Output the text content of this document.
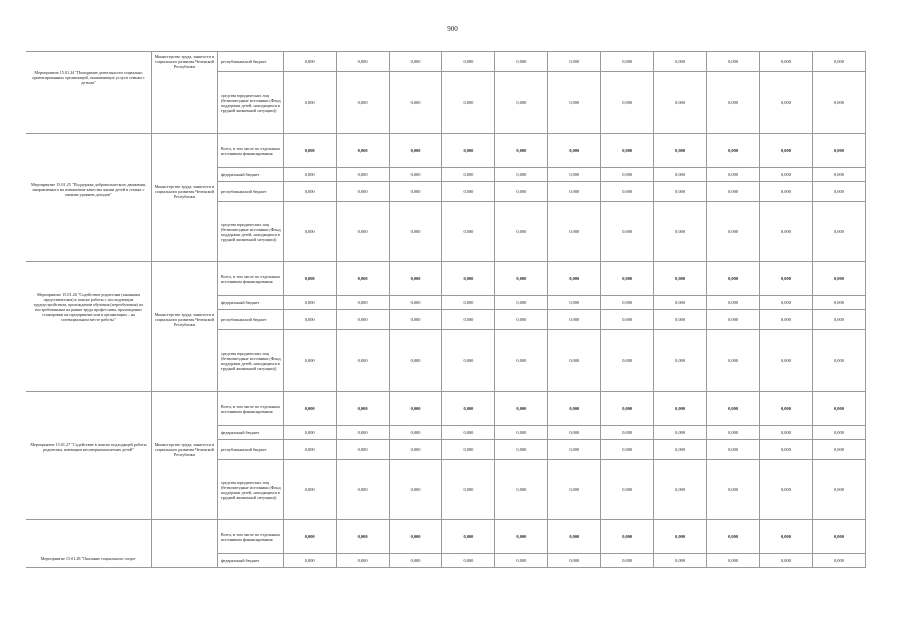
900
Мероприятие 15.01.24 "Поощрение деятельности социально ориентированных организаций, оказывающих услуги семьям с детьми"	Министерство труда, занятости и социального развития Чеченской Республики	республиканский бюджет	0,000	0,000	0,000	0,000	0,000	0,000	0,000	0,000	0,000	0,000	0,000
		средства юридических лиц (безвозмездные источники (Фонд поддержки детей, находящихся в трудной жизненной ситуации))	0,000	0,000	0,000	0,000	0,000	0,000	0,000	0,000	0,000	0,000	0,000
Мероприятие 15.01.25 "Поддержка добровольческого движения, направленного на повышение качества жизни детей в семьях с низким уровнем доходов"	Министерство труда, занятости и социального развития Чеченской Республики	Всего, в том числе по отдельным источникам финансирования	0,000	0,000	0,000	0,000	0,000	0,000	0,000	0,000	0,000	0,000	0,000
		федеральный бюджет	0,000	0,000	0,000	0,000	0,000	0,000	0,000	0,000	0,000	0,000	0,000
		республиканский бюджет	0,000	0,000	0,000	0,000	0,000	0,000	0,000	0,000	0,000	0,000	0,000
		средства юридических лиц (безвозмездные источники (Фонд поддержки детей, находящихся в трудной жизненной ситуации))	0,000	0,000	0,000	0,000	0,000	0,000	0,000	0,000	0,000	0,000	0,000
Мероприятие 15.01.26 "Содействие родителям (законным представителям) в поиске работы с последующим трудоустройством, прохождении обучения (переобучения) по востребованным на рынке труда профессиям, прохождении стажировки на предприятии или в организации – на потенциальном месте работы"	Министерство труда, занятости и социального развития Чеченской Республики	Всего, в том числе по отдельным источникам финансирования	0,000	0,000	0,000	0,000	0,000	0,000	0,000	0,000	0,000	0,000	0,000
		федеральный бюджет	0,000	0,000	0,000	0,000	0,000	0,000	0,000	0,000	0,000	0,000	0,000
		республиканский бюджет	0,000	0,000	0,000	0,000	0,000	0,000	0,000	0,000	0,000	0,000	0,000
		средства юридических лиц (безвозмездные источники (Фонд поддержки детей, находящихся в трудной жизненной ситуации))	0,000	0,000	0,000	0,000	0,000	0,000	0,000	0,000	0,000	0,000	0,000
Мероприятие 15.01.27 "Содействие в поиске подходящей работы родителям, имеющим несовершеннолетних детей"	Министерство труда, занятости и социального развития Чеченской Республики	Всего, в том числе по отдельным источникам финансирования	0,000	0,000	0,000	0,000	0,000	0,000	0,000	0,000	0,000	0,000	0,000
		федеральный бюджет	0,000	0,000	0,000	0,000	0,000	0,000	0,000	0,000	0,000	0,000	0,000
		республиканский бюджет	0,000	0,000	0,000	0,000	0,000	0,000	0,000	0,000	0,000	0,000	0,000
		средства юридических лиц (безвозмездные источники (Фонд поддержки детей, находящихся в трудной жизненной ситуации))	0,000	0,000	0,000	0,000	0,000	0,000	0,000	0,000	0,000	0,000	0,000
Мероприятие 15.01.28 "Оказание социального сопро-		Всего, в том числе по отдельным источникам финансирования	0,000	0,000	0,000	0,000	0,000	0,000	0,000	0,000	0,000	0,000	0,000
		федеральный бюджет	0,000	0,000	0,000	0,000	0,000	0,000	0,000	0,000	0,000	0,000	0,000
